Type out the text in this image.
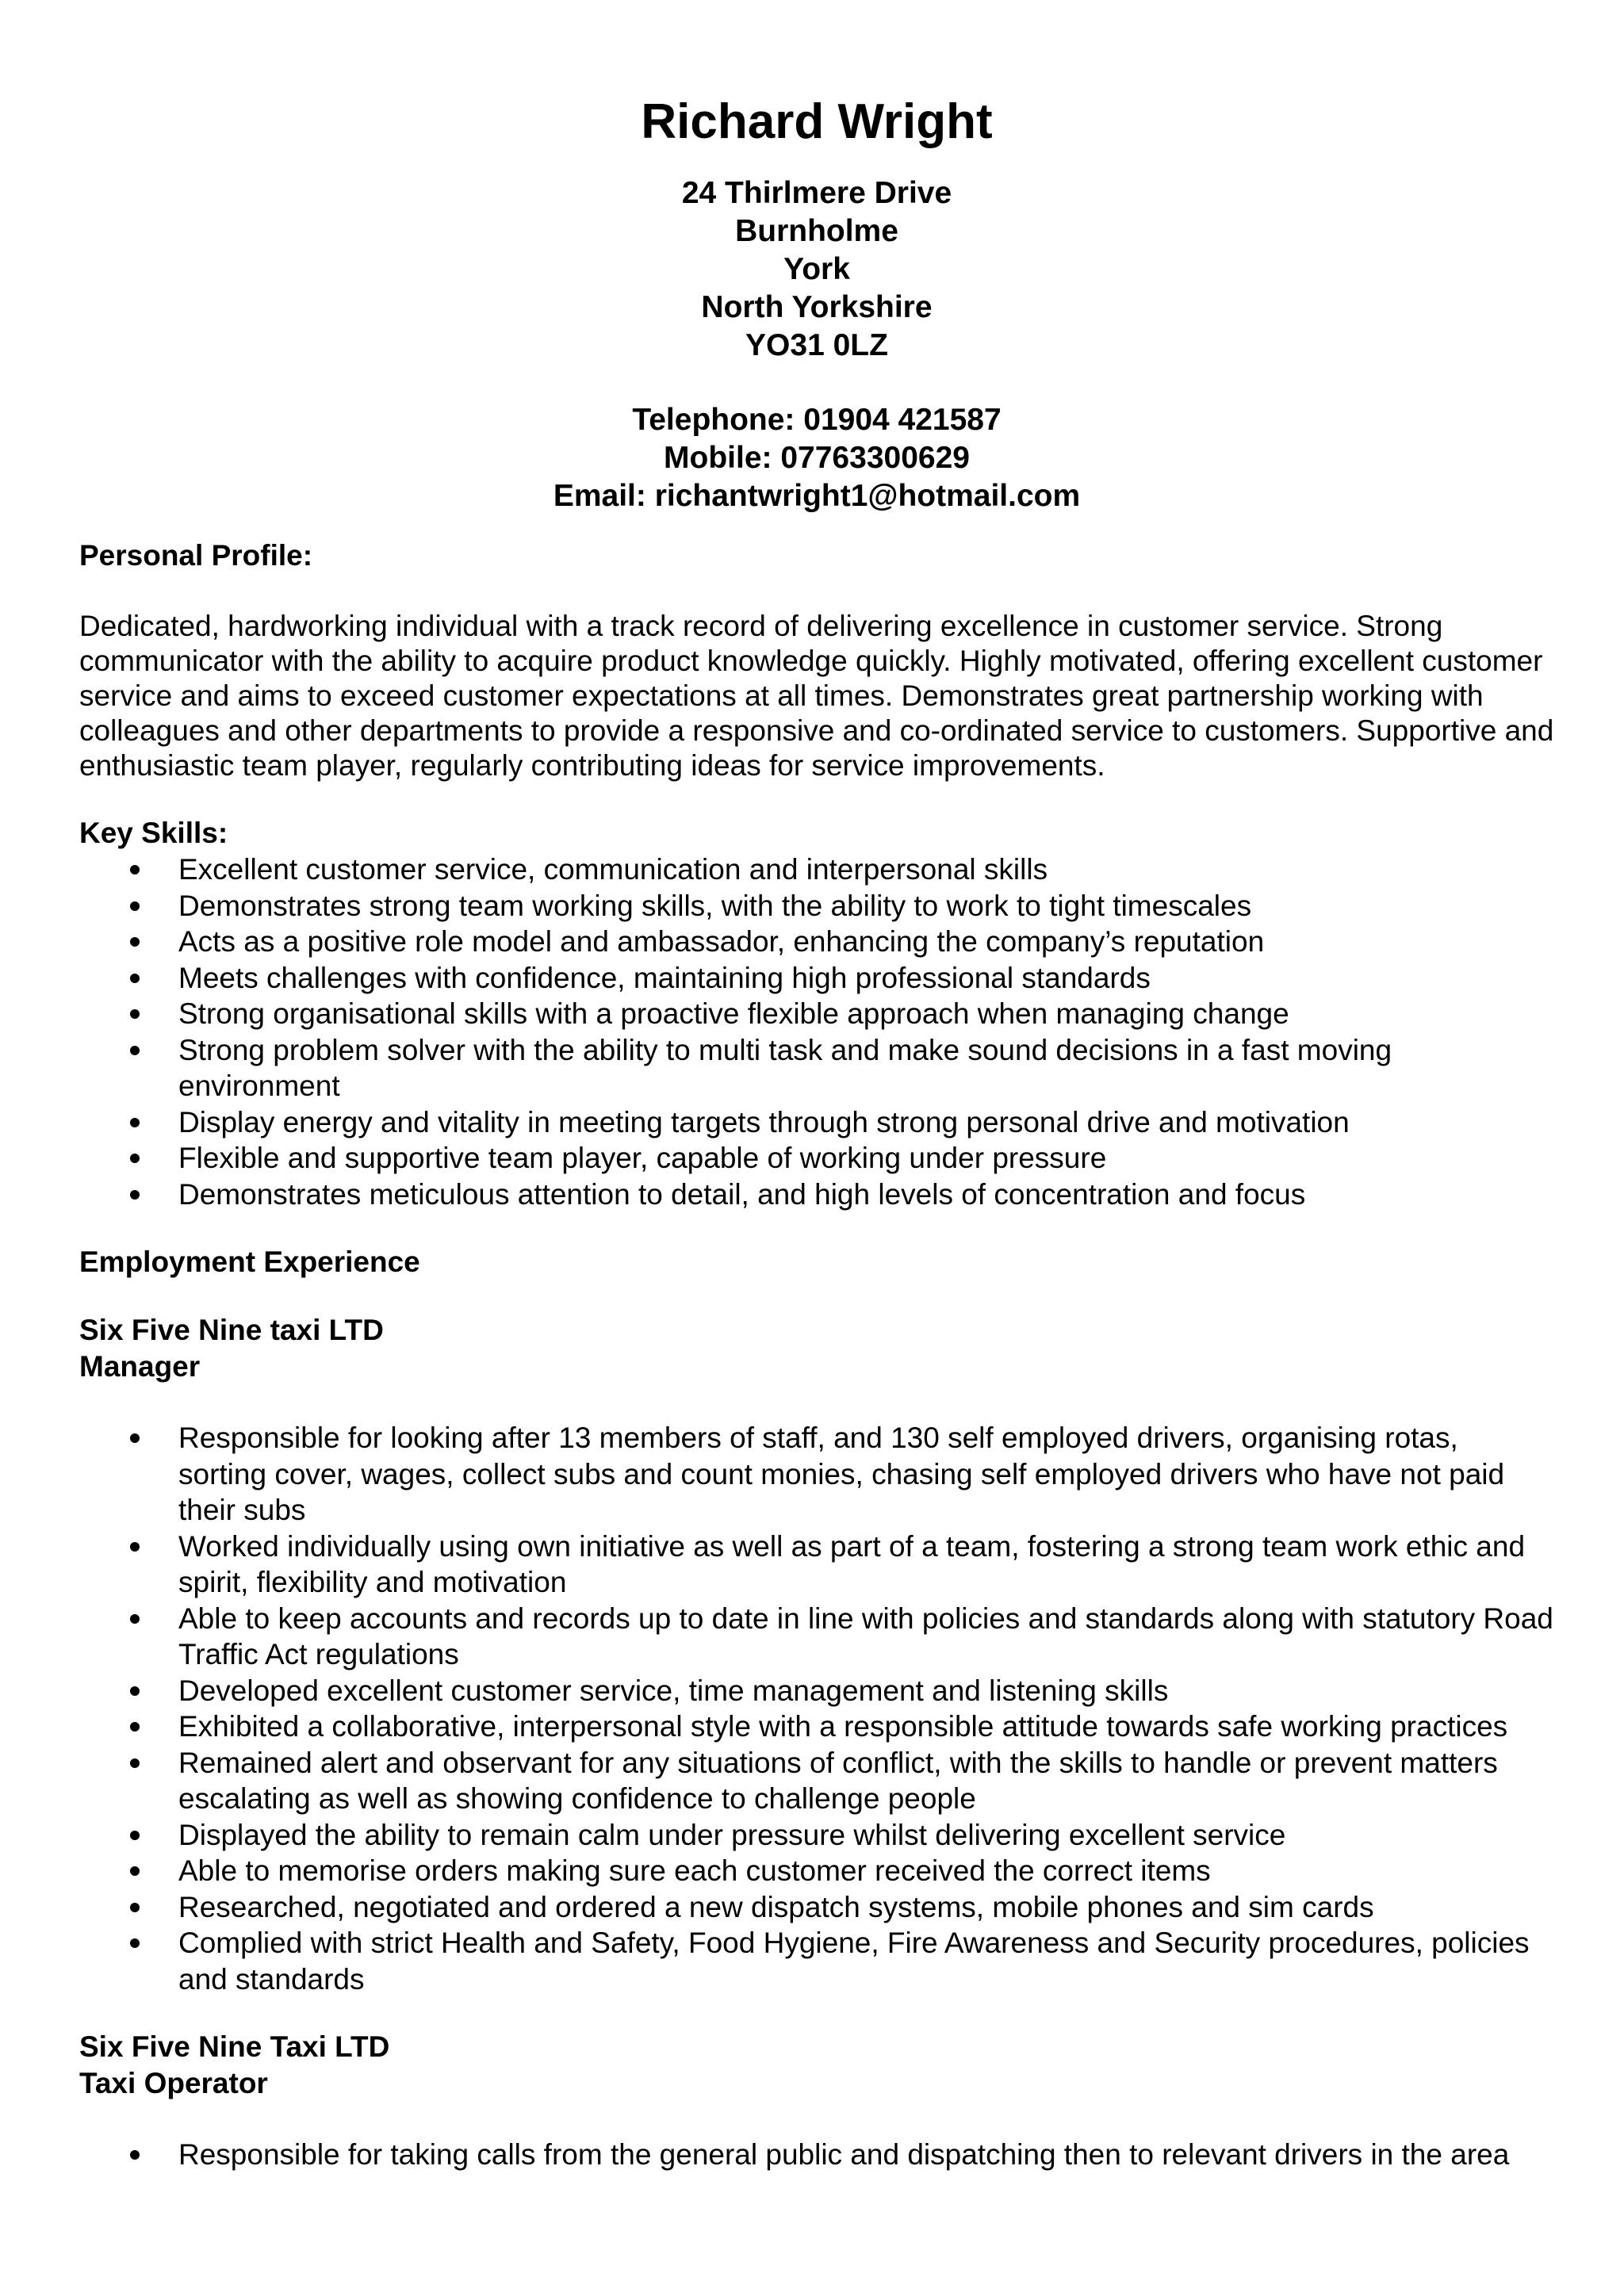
Richard Wright
24 Thirlmere Drive
Burnholme
York
North Yorkshire
YO31 0LZ
Telephone: 01904 421587
Mobile: 07763300629
Email: richantwright1@hotmail.com
Personal Profile:
Dedicated, hardworking individual with a track record of delivering excellence in customer service. Strong communicator with the ability to acquire product knowledge quickly. Highly motivated, offering excellent customer service and aims to exceed customer expectations at all times. Demonstrates great partnership working with colleagues and other departments to provide a responsive and co-ordinated service to customers. Supportive and enthusiastic team player, regularly contributing ideas for service improvements.
Key Skills:
Excellent customer service, communication and interpersonal skills
Demonstrates strong team working skills, with the ability to work to tight timescales
Acts as a positive role model and ambassador, enhancing the company’s reputation
Meets challenges with confidence, maintaining high professional standards
Strong organisational skills with a proactive flexible approach when managing change
Strong problem solver with the ability to multi task and make sound decisions in a fast moving environment
Display energy and vitality in meeting targets through strong personal drive and motivation
Flexible and supportive team player, capable of working under pressure
Demonstrates meticulous attention to detail, and high levels of concentration and focus
Employment Experience
Six Five Nine taxi LTD
Manager
Responsible for looking after 13 members of staff, and 130 self employed drivers, organising rotas, sorting cover, wages, collect subs and count monies, chasing self employed drivers who have not paid their subs
Worked individually using own initiative as well as part of a team, fostering a strong team work ethic and spirit, flexibility and motivation
Able to keep accounts and records up to date in line with policies and standards along with statutory Road Traffic Act regulations
Developed excellent customer service, time management and listening skills
Exhibited a collaborative, interpersonal style with a responsible attitude towards safe working practices
Remained alert and observant for any situations of conflict, with the skills to handle or prevent matters escalating as well as showing confidence to challenge people
Displayed the ability to remain calm under pressure whilst delivering excellent service
Able to memorise orders making sure each customer received the correct items
Researched, negotiated and ordered a new dispatch systems, mobile phones and sim cards
Complied with strict Health and Safety, Food Hygiene, Fire Awareness and Security procedures, policies and standards
Six Five Nine Taxi LTD
Taxi Operator
Responsible for taking calls from the general public and dispatching then to relevant drivers in the area
